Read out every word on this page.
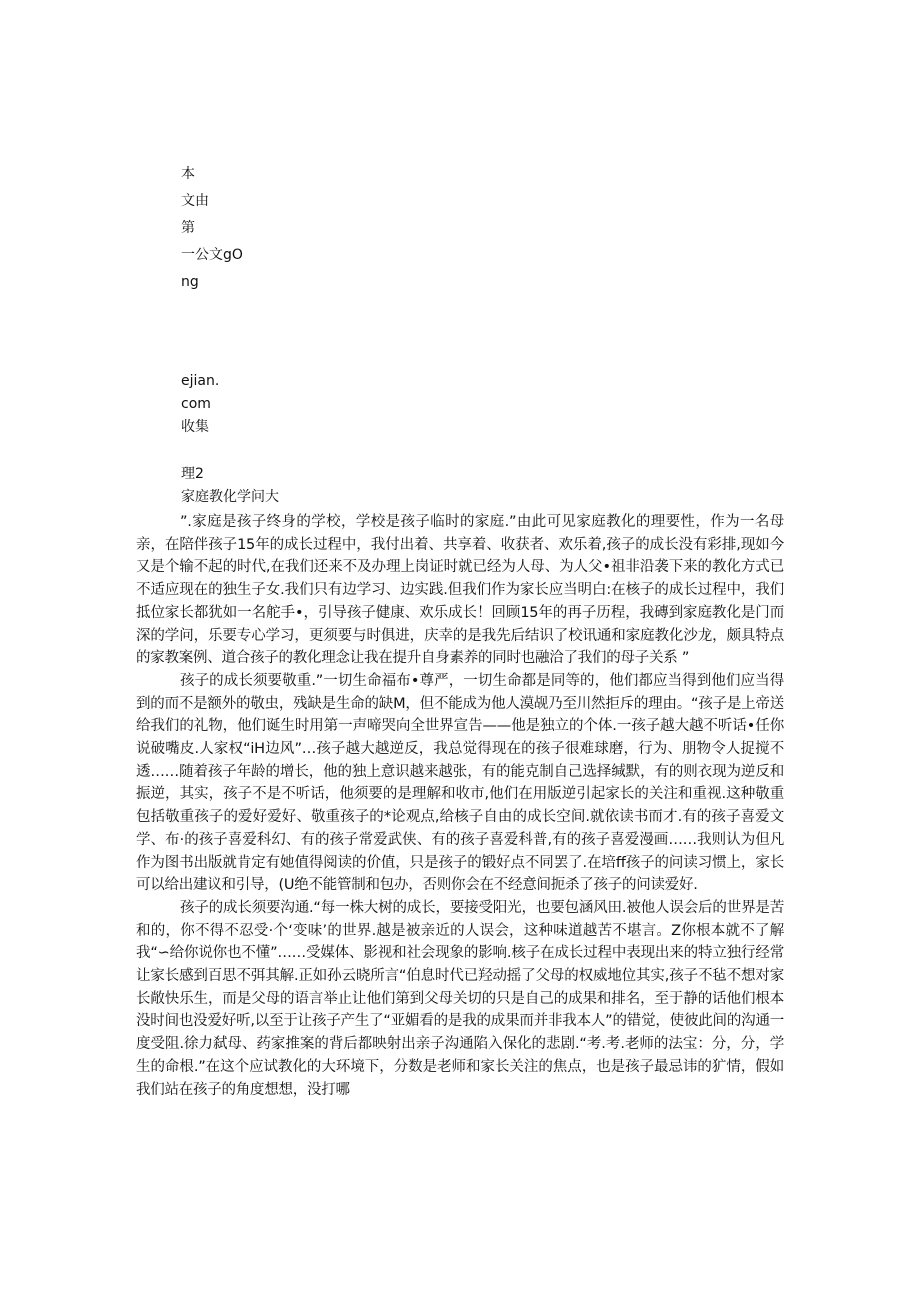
本
文由
第
一公文gO
ng
ejian.
com
收集
理2
家庭教化学问大

”.家庭是孩子终身的学校，学校是孩子临时的家庭.”由此可见家庭教化的理要性，作为一名母亲，在陪伴孩子15年的成长过程中，我付出着、共享着、收获者、欢乐着,孩子的成长没有彩排,现如今又是个输不起的时代,在我们还来不及办理上岗证时就已经为人母、为人父•祖非沿袭下来的教化方式已不适应现在的独生子女.我们只有边学习、边实践.但我们作为家长应当明白:在核子的成长过程中，我们抵位家长都犹如一名舵手•，引导孩子健康、欢乐成长！回顾15年的再子历程，我磚到家庭教化是门而深的学问，乐要专心学习，更须要与时俱进，庆幸的是我先后结识了校讯通和家庭教化沙龙，颇具特点的家教案例、道合孩子的教化理念让我在提升自身素养的同时也融洽了我们的母子关系 ”

孩子的成长须要敬重.”一切生命福布•尊严，一切生命都是同等的，他们都应当得到他们应当得到的而不是额外的敬虫，残缺是生命的缺M，但不能成为他人漠觇乃至川然拒斥的理由。“孩子是上帝送给我们的礼物，他们诞生时用第一声啼哭向全世界宣告——他是独立的个体.一孩子越大越不听话•任你说破嘴皮.人家权“iH边风”…孩子越大越逆反，我总觉得现在的孩子很难球磨，行为、朋物令人捉搅不透……随着孩子年龄的增长，他的独上意识越来越张，有的能克制自己选择缄默，有的则衣现为逆反和振逆，其实，孩子不是不听话，他须要的是理解和收市,他们在用版逆引起家长的关注和重视.这种敬重包括敬重孩子的爱好爱好、敬重孩子的*论观点,给核子自由的成长空间.就依读书而才.有的孩子喜爱文学、布·的孩子喜爱科幻、有的孩子常爱武侠、有的孩子喜爱科普,有的孩子喜爱漫画……我则认为但凡作为图书出版就肯定有她值得阅读的价值，只是孩子的锻好点不同罢了.在培ff孩子的问读习惯上，家长可以给出建议和引导，(U绝不能管制和包办，否则你会在不经意间扼杀了孩子的问读爱好.

孩子的成长须要沟通.“每一株大树的成长，要接受阳光，也要包涵风田.被他人误会后的世界是苦和的，你不得不忍受·个‘变味’的世界.越是被亲近的人误会，这种味道越苦不堪言。Z你根本就不了解我“∽给你说你也不懂”……受媒体、影视和社会现象的影响.核子在成长过程中表现出来的特立独行经常让家长感到百思不弭其解.正如孙云晓所言“伯息时代已羟动摇了父母的权威地位其实,孩子不毡不想对家长敞快乐生，而是父母的语言举止让他们第到父母关切的只是自己的成果和排名，至于静的话他们根本没时间也没爱好听,以至于让孩子产生了“亚媚看的是我的成果而并非我本人”的错觉，使彼此间的沟通一度受阻.徐力弑母、药家推案的背后都映射出亲子沟通陷入保化的悲剧.“考.考.老师的法宝：分，分，学生的命根.”在这个应试教化的大环境下，分数是老师和家长关注的焦点，也是孩子最忌讳的犷情，假如我们站在孩子的角度想想，没打哪
